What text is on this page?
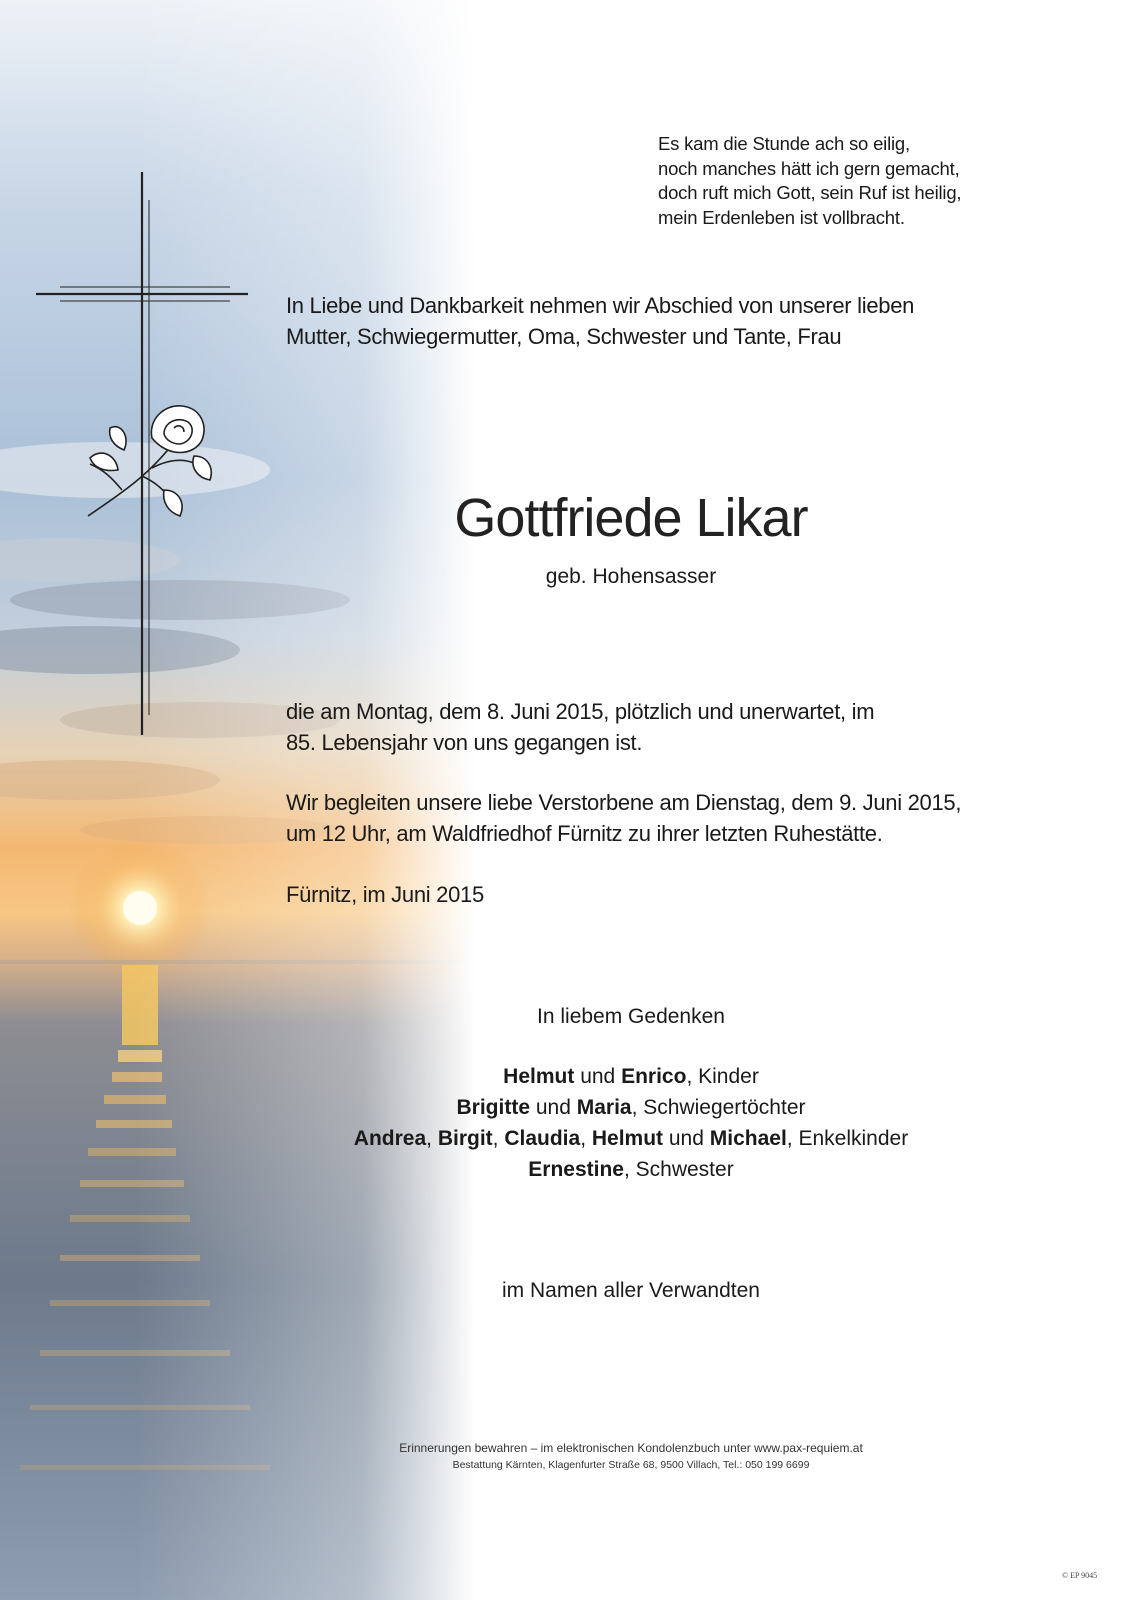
Es kam die Stunde ach so eilig,
noch manches hätt ich gern gemacht,
doch ruft mich Gott, sein Ruf ist heilig,
mein Erdenleben ist vollbracht.
In Liebe und Dankbarkeit nehmen wir Abschied von unserer lieben
Mutter, Schwiegermutter, Oma, Schwester und Tante, Frau
Gottfriede Likar
geb. Hohensasser
die am Montag, dem 8. Juni 2015, plötzlich und unerwartet, im
85. Lebensjahr von uns gegangen ist.
Wir begleiten unsere liebe Verstorbene am Dienstag, dem 9. Juni 2015,
um 12 Uhr, am Waldfriedhof Fürnitz zu ihrer letzten Ruhestätte.
Fürnitz, im Juni 2015
In liebem Gedenken
Helmut und Enrico, Kinder
Brigitte und Maria, Schwiegertöchter
Andrea, Birgit, Claudia, Helmut und Michael, Enkelkinder
Ernestine, Schwester
im Namen aller Verwandten
Erinnerungen bewahren – im elektronischen Kondolenzbuch unter www.pax-requiem.at
Bestattung Kärnten, Klagenfurter Straße 68, 9500 Villach, Tel.: 050 199 6699
© EP 9045
